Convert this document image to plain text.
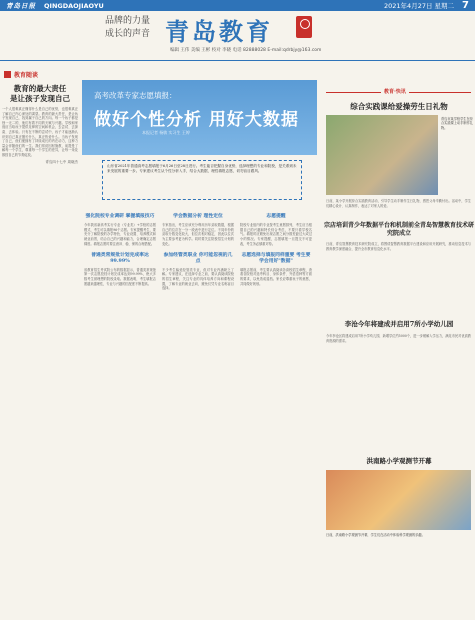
青岛日报 QINGDAOJIAOYU	2021年4月27日 星期二 7
品牌的力量
成长的声音 青岛教育
编辑 王伟 美编 王彬 校对 李晓 电话 82888028 E-mail:qdrbjy@163.com
教育随谈
教育的最大责任
是让孩子发现自己
一个人很难真正懂得什么是自己的优势，也很难真正了解自己内心深处的渴望。教育的最大责任，是让孩子发现自己，找到属于自己的方向。每一个孩子都是独一无二的，他们有着不同的天赋与兴趣。学校和家庭应当给孩子提供足够的空间和机会，去尝试、去探索、去体验。只有在不断的尝试中，孩子才能逐渐认识到自己真正擅长什么，真正热爱什么。当孩子发现了自己，他们便拥有了持续成长的内在动力，这种力量会伴随他们的一生。我们常说因材施教，前提是了解每一个学生，尊重每一个学生的差异，让每一朵花都按自己的节奏绽放。
青岛四十七中 周晓杰
高考改革专家志愿填报：
做好个性分析 用好大数据
本报记者 杨敏 实习生 王婷
山东省2021年普通高考志愿填报于6月26日至28日进行。考生能否把握自身优势，选择理想的专业和院校，是关系到未来发展的重要一步。专家建议考生从个性分析入手，结合大数据，理性填报志愿，切勿盲目跟风。
强化院校专业调研 掌握填报技巧
今年我省新高考实行专业（专业类）+学校的志愿模式，考生可以填报96个志愿。专家提醒考生，要充分了解院校的办学特色、专业设置、培养模式和就业前景，结合自己的兴趣和能力，合理确定志愿梯度。填报志愿时要注意冲、稳、保的合理搭配。
普通类常规批计划完成率达99.99%
省教育招生考试院公布的数据显示，普通类常规批第一次志愿投档计划完成率达到99.99%，绝大多数考生被理想的院校录取。数据表明，考生填报志愿越来越理性，专业与兴趣的匹配度不断提高。
学会数据分析 理性定位
专家指出，考生应该充分利用历年录取数据，根据自己的位次在一分一段表中进行定位。不同年份的录取分数变化较大，但位次相对稳定，因此以位次为主要参考更为科学。同时要关注院校招生计划的变化。
参加经管类职业 你可能忽视的几点
不少考生偏爱经管类专业，但对专业内涵缺乏了解。专家建议，在选择专业之前，要认真阅读院校的招生章程，关注专业的具体培养方向和课程设置，了解专业的就业去向，避免仅凭专业名称盲目选择。
志愿提醒
院校专业组内的专业按考生意愿排列，考生应当根据自己的兴趣和特长综合考虑，不要只看学校名气。填报时应避免出现志愿之间分数差距过大或过小的情况。专家提醒，志愿填报一旦提交不可更改，考生务必慎重对待。
志愿选择与填报同样重要 考生要学会用好"数据"
填报志愿前，考生要认真阅读各高校招生章程，查看各院校对选考科目、身体条件、外语语种等方面的要求，以免造成退档。家长应尊重孩子的意愿，共同做好规划。
教育·快讯
综合实践课给爱操劳生日礼物
青岛市某学校学生在综合实践课上动手制作礼物。
日前，某小学开展综合实践教育活动，引导学生动手制作生日礼物，感恩父母辛勤付出。活动中，学生们精心设计、认真制作，表达了对家人的爱。
宗店培训青少年数据平台和机制前全青岛智慧教育技术研究院成立
日前，青岛智慧教育技术研究院成立，将围绕智慧教育数据平台建设和应用开展研究，推动信息技术与教育教学深度融合，提升全市教育信息化水平。
李沧今年将建成并启用7所小学幼儿园
今年李沧区将建成启用7所小学幼儿园，新增学位约5000个，进一步缓解入学压力，满足市民对优质教育资源的需求。
洪南路小学观测节开幕
日前，洪南路小学观测节开幕，学生们在活动中体验科学观测的乐趣。
